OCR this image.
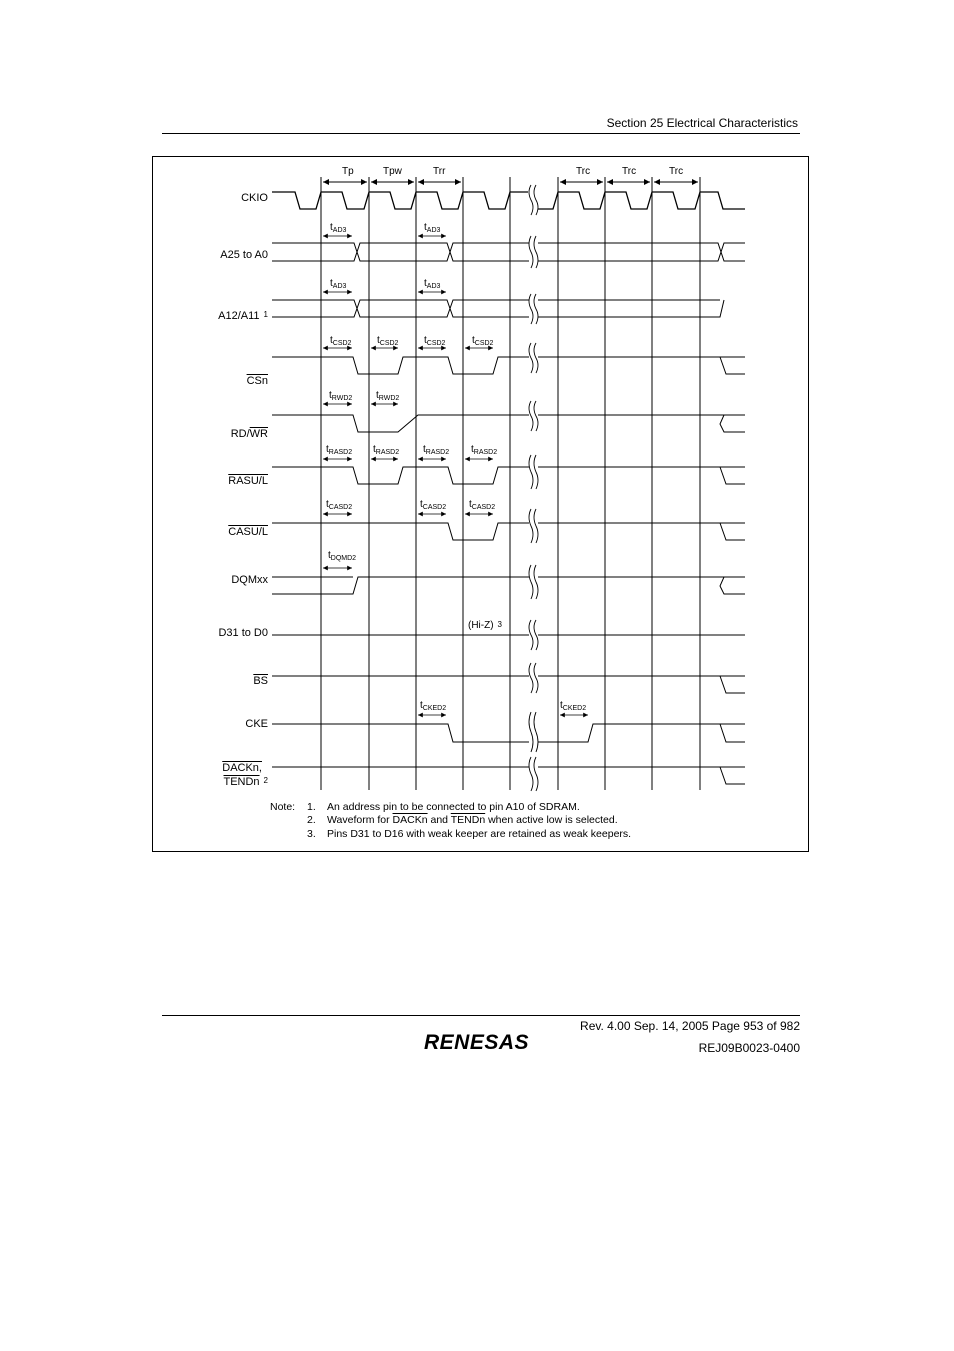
Section 25 Electrical Characteristics
Tp	Tpw	Trr	Trc	Trc	Trc
CKIO
A25 to A0
A12/A11 $^1$
$\overline{CSn}$
$RD/\overline{WR}$
RASU/L
CASU/L
DQMxx
D31 to D0
$\overline{BS}$
CKE
DACKn,
TENDn $^2$
$t_{AD3}$	$t_{AD3}$
$t_{AD3}$	$t_{AD3}$
$t_{CSD2}$	$t_{CSD2}$	$t_{CSD2}$	$t_{CSD2}$
$t_{RWD2}$ $t_{RWD2}$
$t_{RASD2}$ $t_{RASD2}$ $t_{RASD2}$ $t_{RASD2}$
$t_{CASD2}$	$t_{CASD2}$ $t_{CASD2}$
$t_{DQMD2}$
$t_{CKED2}$	$t_{CKED2}$
(Hi-Z) $^3$
Note: 1. An address pin to be connected to pin A10 of SDRAM.
2. Waveform for DACKn and TENDn when active low is selected.
3. Pins D31 to D16 with weak keeper are retained as weak keepers.
Rev. 4.00 Sep. 14, 2005 Page 953 of 982
REJ09B0023-0400
RENESAS
